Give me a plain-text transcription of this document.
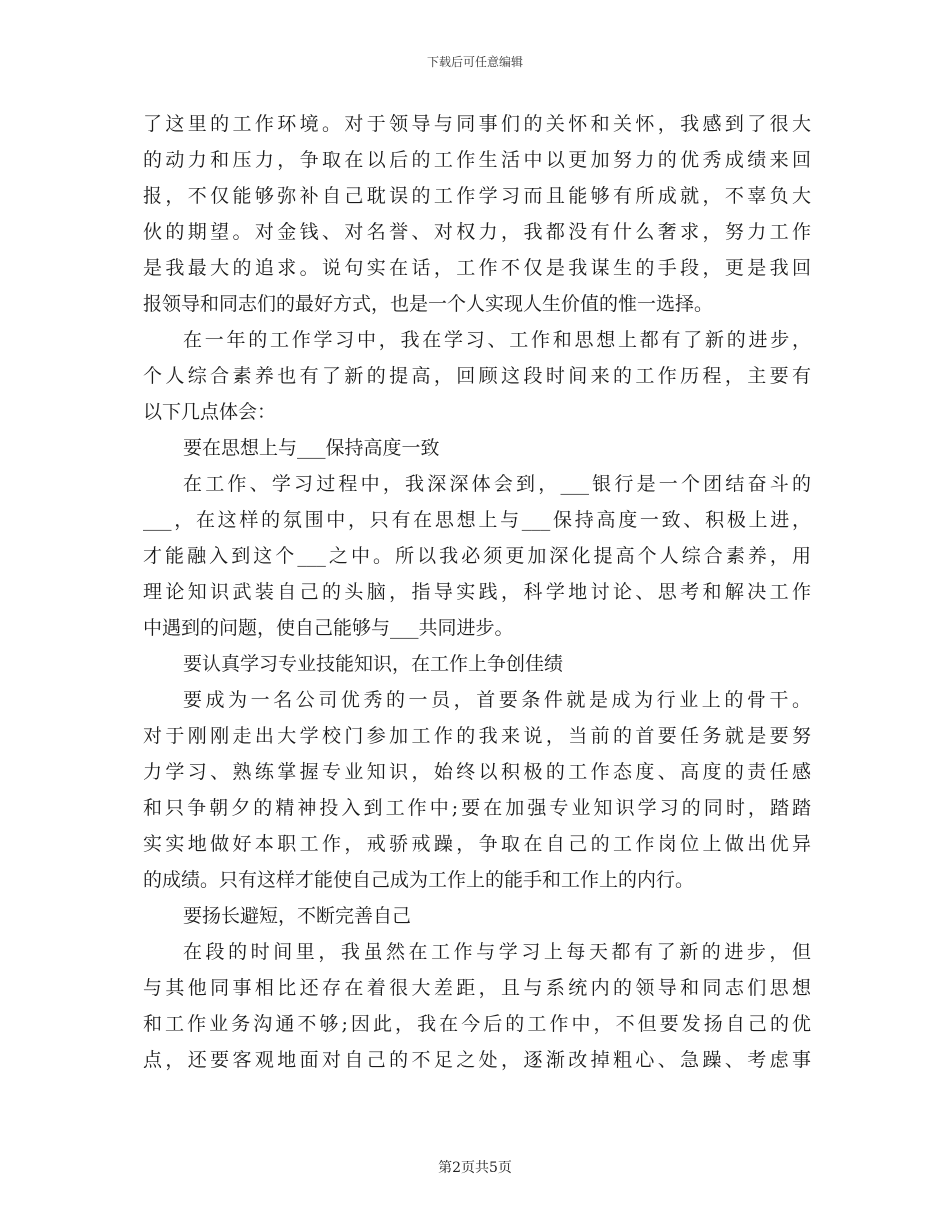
下载后可任意编辑
了这里的工作环境。对于领导与同事们的关怀和关怀，我感到了很大
的动力和压力，争取在以后的工作生活中以更加努力的优秀成绩来回
报，不仅能够弥补自己耽误的工作学习而且能够有所成就，不辜负大
伙的期望。对金钱、对名誉、对权力，我都没有什么奢求，努力工作
是我最大的追求。说句实在话，工作不仅是我谋生的手段，更是我回
报领导和同志们的最好方式，也是一个人实现人生价值的惟一选择。
在一年的工作学习中，我在学习、工作和思想上都有了新的进步，
个人综合素养也有了新的提高，回顾这段时间来的工作历程，主要有
以下几点体会：
要在思想上与___保持高度一致
在工作、学习过程中，我深深体会到，___银行是一个团结奋斗的
___，在这样的氛围中，只有在思想上与___保持高度一致、积极上进，
才能融入到这个___之中。所以我必须更加深化提高个人综合素养，用
理论知识武装自己的头脑，指导实践，科学地讨论、思考和解决工作
中遇到的问题，使自己能够与___共同进步。
要认真学习专业技能知识，在工作上争创佳绩
要成为一名公司优秀的一员，首要条件就是成为行业上的骨干。
对于刚刚走出大学校门参加工作的我来说，当前的首要任务就是要努
力学习、熟练掌握专业知识，始终以积极的工作态度、高度的责任感
和只争朝夕的精神投入到工作中;要在加强专业知识学习的同时，踏踏
实实地做好本职工作，戒骄戒躁，争取在自己的工作岗位上做出优异
的成绩。只有这样才能使自己成为工作上的能手和工作上的内行。
要扬长避短，不断完善自己
在段的时间里，我虽然在工作与学习上每天都有了新的进步，但
与其他同事相比还存在着很大差距，且与系统内的领导和同志们思想
和工作业务沟通不够;因此，我在今后的工作中，不但要发扬自己的优
点，还要客观地面对自己的不足之处，逐渐改掉粗心、急躁、考虑事
第2页共5页
